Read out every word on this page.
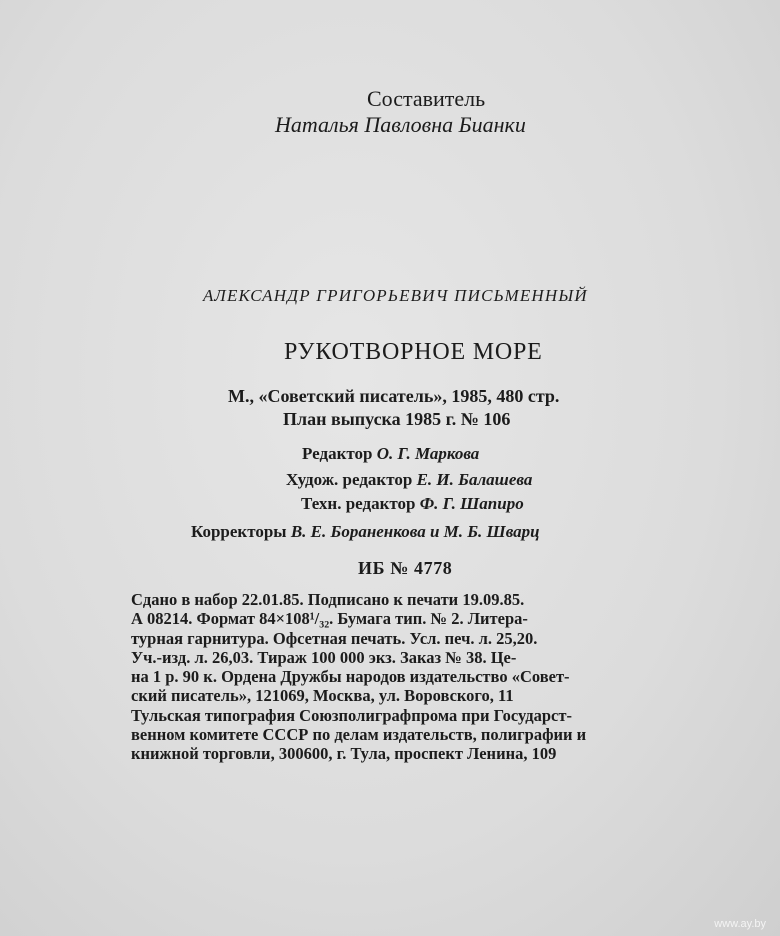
Составитель
Наталья Павловна Бианки
АЛЕКСАНДР ГРИГОРЬЕВИЧ ПИСЬМЕННЫЙ
РУКОТВОРНОЕ МОРЕ
М., «Советский писатель», 1985, 480 стр.
План выпуска 1985 г. № 106
Редактор О. Г. Маркова
Худож. редактор Е. И. Балашева
Техн. редактор Ф. Г. Шапиро
Корректоры В. Е. Бораненкова и М. Б. Шварц
ИБ № 4778
Сдано в набор 22.01.85. Подписано к печати 19.09.85.
А 08214. Формат 84×108¹/₃₂. Бумага тип. № 2. Литера-
турная гарнитура. Офсетная печать. Усл. печ. л. 25,20.
Уч.-изд. л. 26,03. Тираж 100 000 экз. Заказ № 38. Це-
на 1 р. 90 к. Ордена Дружбы народов издательство «Совет-
ский писатель», 121069, Москва, ул. Воровского, 11
Тульская типография Союзполиграфпрома при Государст-
венном комитете СССР по делам издательств, полиграфии и
книжной торговли, 300600, г. Тула, проспект Ленина, 109
www.ay.by
